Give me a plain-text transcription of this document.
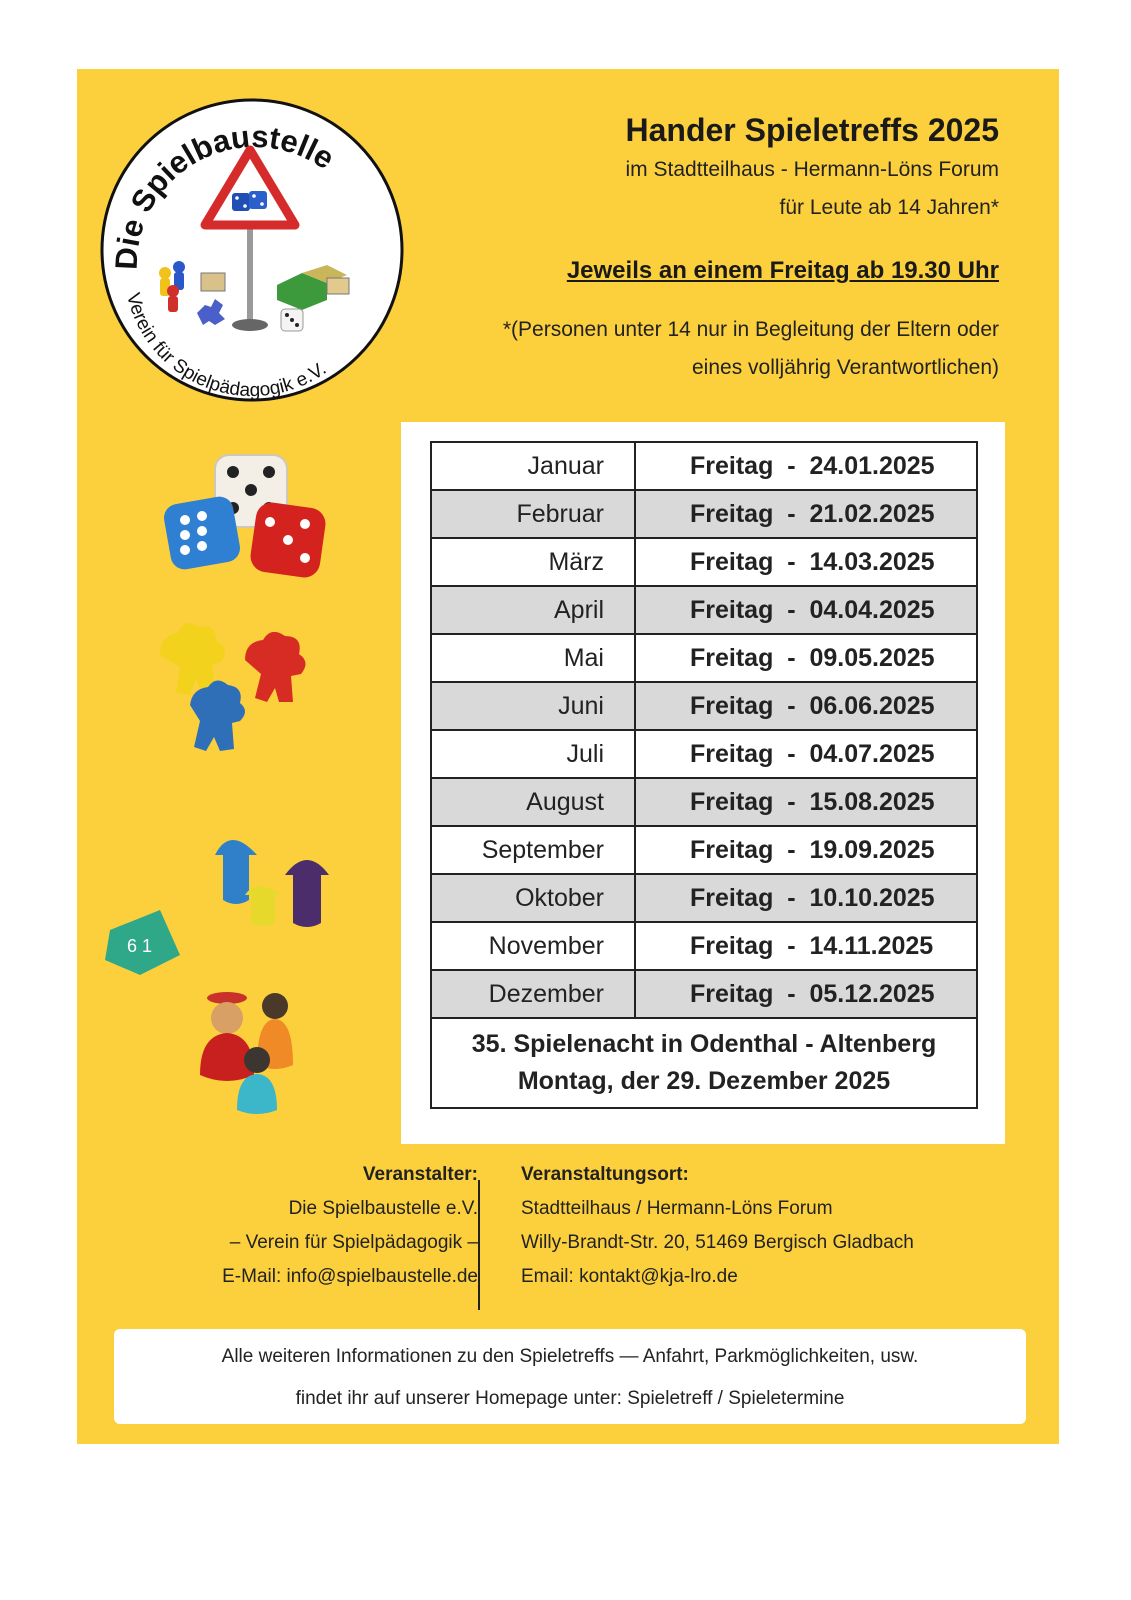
Die Spielbaustelle
Verein für Spielpädagogik e.V.
Hander Spieletreffs 2025
im Stadtteilhaus - Hermann-Löns Forum
für Leute ab 14 Jahren*
Jeweils an einem Freitag ab 19.30 Uhr
*(Personen unter 14 nur in Begleitung der Eltern oder
eines volljährig Verantwortlichen)
6 1
Januar	Freitag  -  24.01.2025
Februar	Freitag  -  21.02.2025
März	Freitag  -  14.03.2025
April	Freitag  -  04.04.2025
Mai	Freitag  -  09.05.2025
Juni	Freitag  -  06.06.2025
Juli	Freitag  -  04.07.2025
August	Freitag  -  15.08.2025
September	Freitag  -  19.09.2025
Oktober	Freitag  -  10.10.2025
November	Freitag  -  14.11.2025
Dezember	Freitag  -  05.12.2025

35. Spielenacht in Odenthal - Altenberg
Montag, der 29. Dezember 2025	
Veranstalter:
Die Spielbaustelle e.V.
– Verein für Spielpädagogik –
E-Mail: info@spielbaustelle.de
Veranstaltungsort:
Stadtteilhaus / Hermann-Löns Forum
Willy-Brandt-Str. 20, 51469 Bergisch Gladbach
Email: kontakt@kja-lro.de
Alle weiteren Informationen zu den Spieletreffs — Anfahrt, Parkmöglichkeiten, usw.
findet ihr auf unserer Homepage unter: Spieletreff / Spieletermine
